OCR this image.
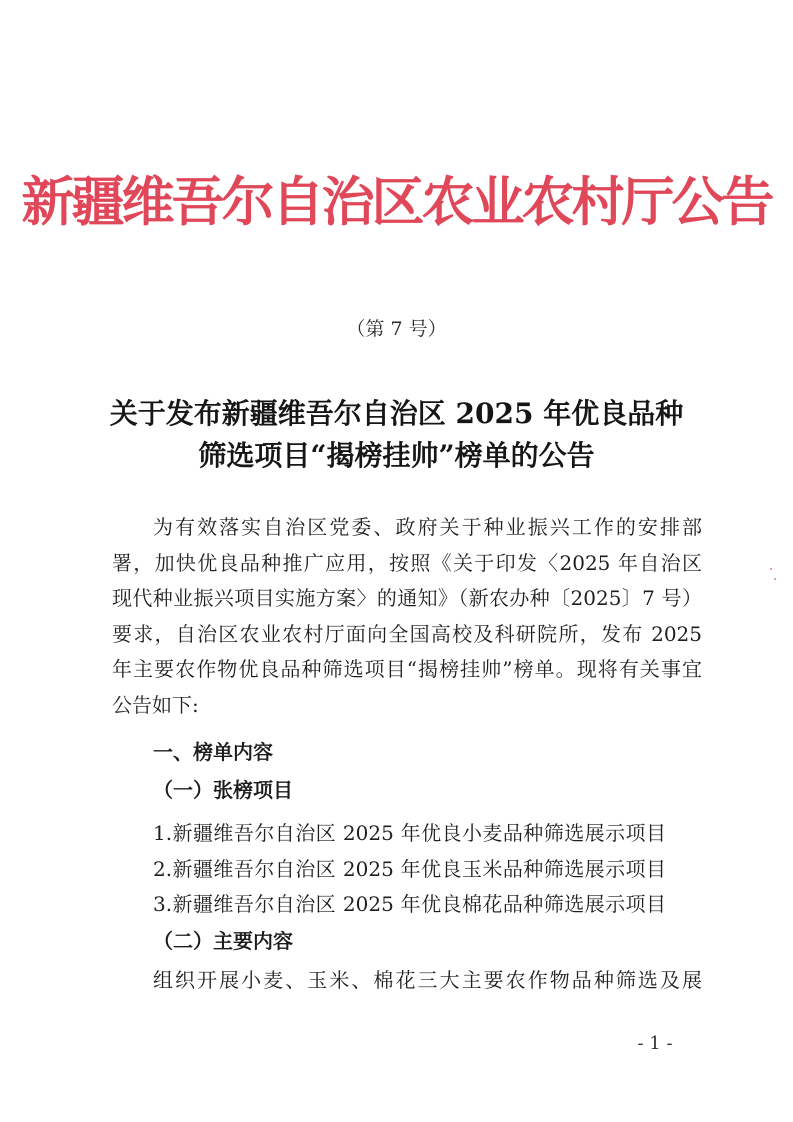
新疆维吾尔自治区农业农村厅公告
（第 7 号）
关于发布新疆维吾尔自治区 2025 年优良品种
筛选项目“揭榜挂帅”榜单的公告
为有效落实自治区党委、政府关于种业振兴工作的安排部
署，加快优良品种推广应用，按照《关于印发〈2025 年自治区
现代种业振兴项目实施方案〉的通知》（新农办种〔2025〕7 号）
要求，自治区农业农村厅面向全国高校及科研院所，发布 2025
年主要农作物优良品种筛选项目“揭榜挂帅”榜单。现将有关事宜
公告如下:
一、榜单内容
（一）张榜项目
1.新疆维吾尔自治区 2025 年优良小麦品种筛选展示项目
2.新疆维吾尔自治区 2025 年优良玉米品种筛选展示项目
3.新疆维吾尔自治区 2025 年优良棉花品种筛选展示项目
（二）主要内容
组织开展小麦、玉米、棉花三大主要农作物品种筛选及展
- 1 -
